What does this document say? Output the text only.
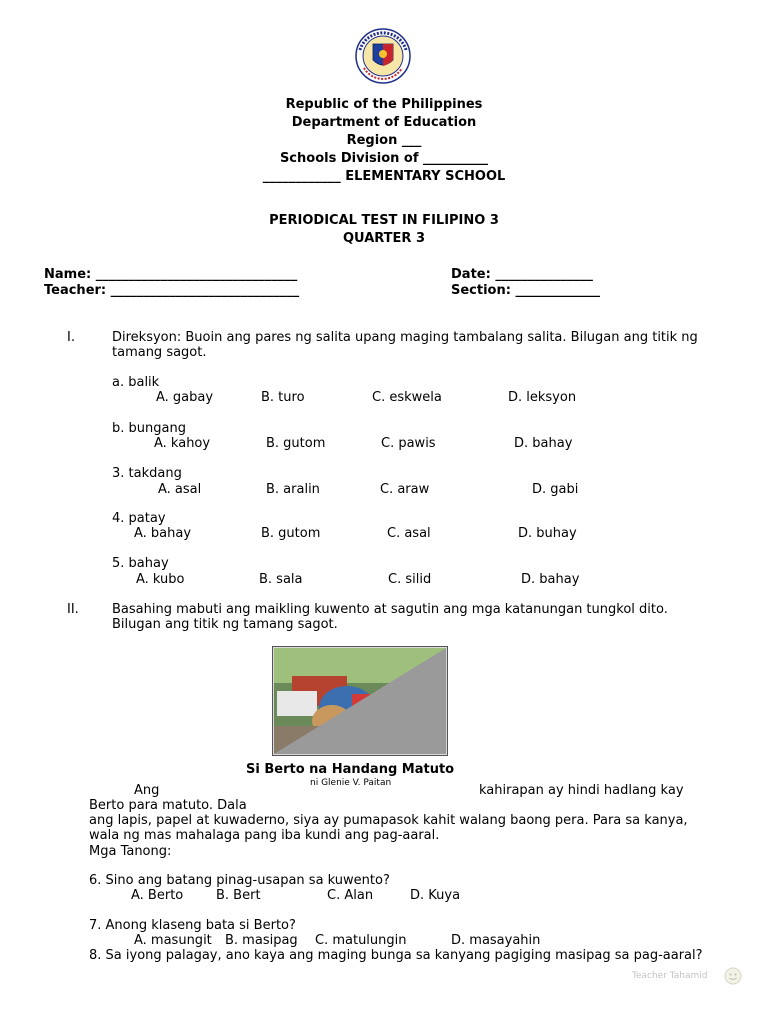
Republic of the Philippines
Department of Education
Region ___
Schools Division of __________
____________ ELEMENTARY SCHOOL
PERIODICAL TEST IN FILIPINO 3
QUARTER 3
Name: _______________________________	Date: _______________
Teacher: _____________________________	Section: _____________
I.	Direksyon: Buoin ang pares ng salita upang maging tambalang salita. Bilugan ang titik ng
tamang sagot.
a. balik
A. gabay	B. turo	C. eskwela	D. leksyon
b. bungang
A. kahoy	B. gutom	C. pawis	D. bahay
3. takdang
A. asal	B. aralin	C. araw	D. gabi
4. patay
A. bahay	B. gutom	C. asal	D. buhay
5. bahay
A. kubo	B. sala	C. silid	D. bahay
II.	Basahing mabuti ang maikling kuwento at sagutin ang mga katanungan tungkol dito.
Bilugan ang titik ng tamang sagot.
Si Berto na Handang Matuto
ni Glenie V. Paitan
Ang	kahirapan ay hindi hadlang kay
Berto para matuto. Dala
ang lapis, papel at kuwaderno, siya ay pumapasok kahit walang baong pera. Para sa kanya,
wala ng mas mahalaga pang iba kundi ang pag-aaral.
Mga Tanong:
6. Sino ang batang pinag-usapan sa kuwento?
A. Berto	B. Bert	C. Alan	D. Kuya
7. Anong klaseng bata si Berto?
A. masungit B. masipag C. matulungin	D. masayahin
8. Sa iyong palagay, ano kaya ang maging bunga sa kanyang pagiging masipag sa pag-aaral?
Teacher Tahamid
